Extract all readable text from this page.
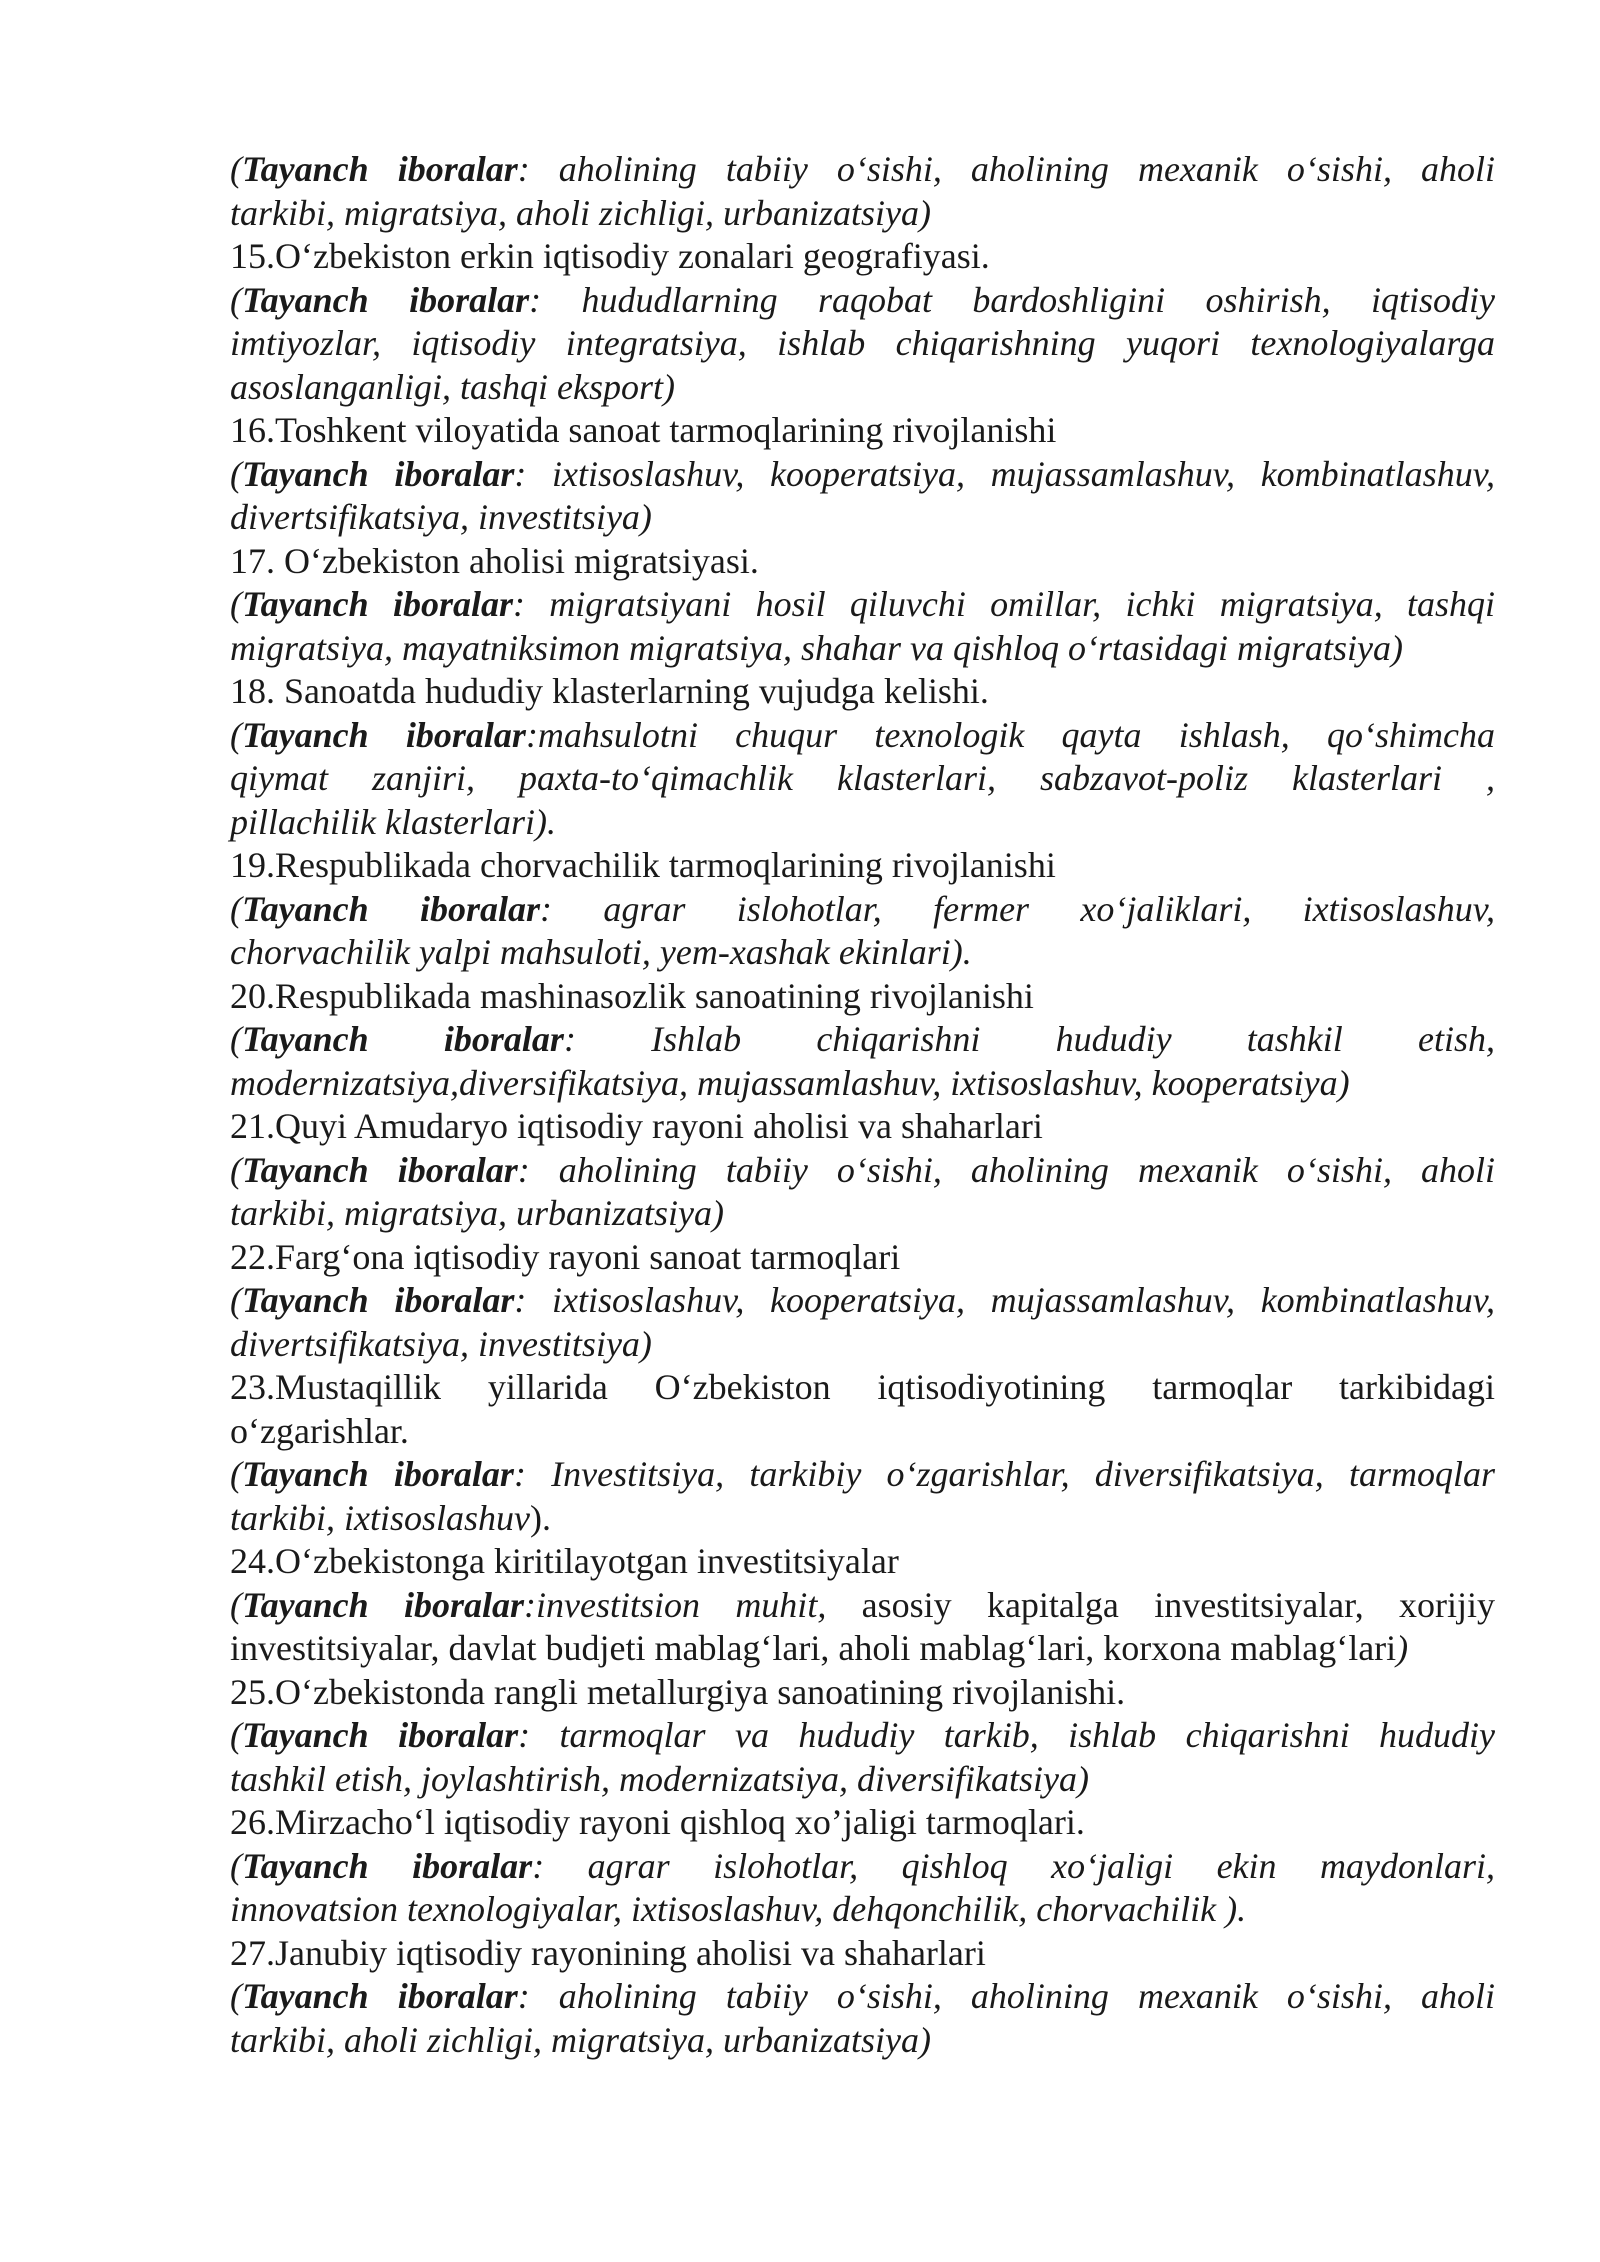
(Tayanch iboralar: aholining tabiiy o‘sishi, aholining mexanik o‘sishi, aholi
tarkibi, migratsiya, aholi zichligi, urbanizatsiya)
15.O‘zbekiston erkin iqtisodiy zonalari geografiyasi.
(Tayanch iboralar: hududlarning raqobat bardoshligini oshirish, iqtisodiy
imtiyozlar, iqtisodiy integratsiya, ishlab chiqarishning yuqori texnologiyalarga
asoslanganligi, tashqi eksport)
16.Toshkent viloyatida sanoat tarmoqlarining rivojlanishi
(Tayanch iboralar: ixtisoslashuv, kooperatsiya, mujassamlashuv, kombinatlashuv,
divertsifikatsiya, investitsiya)
17. O‘zbekiston aholisi migratsiyasi.
(Tayanch iboralar: migratsiyani hosil qiluvchi omillar, ichki migratsiya, tashqi
migratsiya, mayatniksimon migratsiya, shahar va qishloq o‘rtasidagi migratsiya)
18. Sanoatda hududiy klasterlarning vujudga kelishi.
(Tayanch iboralar:mahsulotni chuqur texnologik qayta ishlash, qo‘shimcha
qiymat zanjiri, paxta-to‘qimachlik klasterlari, sabzavot-poliz klasterlari ,
pillachilik klasterlari).
19.Respublikada chorvachilik tarmoqlarining rivojlanishi
(Tayanch iboralar: agrar islohotlar, fermer xo‘jaliklari, ixtisoslashuv,
chorvachilik yalpi mahsuloti, yem-xashak ekinlari).
20.Respublikada mashinasozlik sanoatining rivojlanishi
(Tayanch iboralar: Ishlab chiqarishni hududiy tashkil etish,
modernizatsiya,diversifikatsiya, mujassamlashuv, ixtisoslashuv, kooperatsiya)
21.Quyi Amudaryo iqtisodiy rayoni aholisi va shaharlari
(Tayanch iboralar: aholining tabiiy o‘sishi, aholining mexanik o‘sishi, aholi
tarkibi, migratsiya, urbanizatsiya)
22.Farg‘ona iqtisodiy rayoni sanoat tarmoqlari
(Tayanch iboralar: ixtisoslashuv, kooperatsiya, mujassamlashuv, kombinatlashuv,
divertsifikatsiya, investitsiya)
23.Mustaqillik yillarida O‘zbekiston iqtisodiyotining tarmoqlar tarkibidagi
o‘zgarishlar.
(Tayanch iboralar: Investitsiya, tarkibiy o‘zgarishlar, diversifikatsiya, tarmoqlar
tarkibi, ixtisoslashuv).
24.O‘zbekistonga kiritilayotgan investitsiyalar
(Tayanch iboralar:investitsion muhit, asosiy kapitalga investitsiyalar, xorijiy
investitsiyalar, davlat budjeti mablag‘lari, aholi mablag‘lari, korxona mablag‘lari)
25.O‘zbekistonda rangli metallurgiya sanoatining rivojlanishi.
(Tayanch iboralar: tarmoqlar va hududiy tarkib, ishlab chiqarishni hududiy
tashkil etish, joylashtirish, modernizatsiya, diversifikatsiya)
26.Mirzacho‘l iqtisodiy rayoni qishloq xo’jaligi tarmoqlari.
(Tayanch iboralar: agrar islohotlar, qishloq xo‘jaligi ekin maydonlari,
innovatsion texnologiyalar, ixtisoslashuv, dehqonchilik, chorvachilik ).
27.Janubiy iqtisodiy rayonining aholisi va shaharlari
(Tayanch iboralar: aholining tabiiy o‘sishi, aholining mexanik o‘sishi, aholi
tarkibi, aholi zichligi, migratsiya, urbanizatsiya)
